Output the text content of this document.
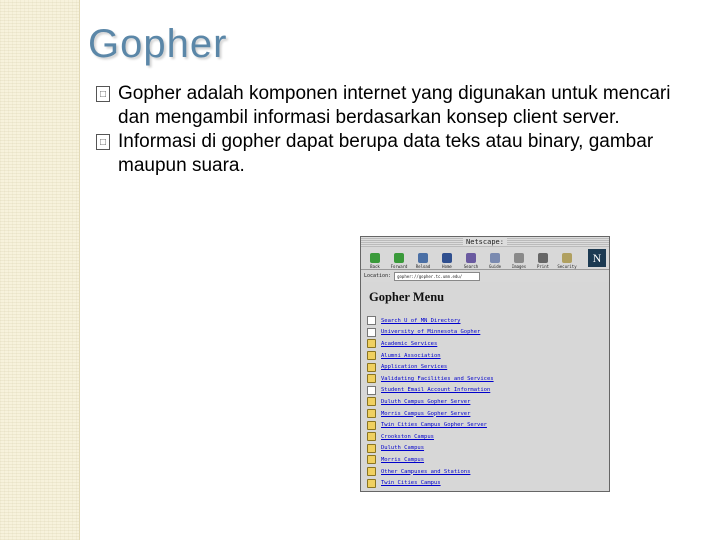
Gopher
□ Gopher adalah komponen internet yang digunakan untuk mencari dan mengambil informasi berdasarkan konsep client server.
□ Informasi di gopher dapat berupa data teks atau binary, gambar maupun suara.
Netscape:
Back	Forward	Reload	Home	Search	Guide	Images	Print	Security
N
Location:	gopher://gopher.tc.umn.edu/
Gopher Menu
Search U of MN Directory
University of Minnesota Gopher
Academic Services
Alumni Association
Application Services
Validating Facilities and Services
Student Email Account Information
Duluth Campus Gopher Server
Morris Campus Gopher Server
Twin Cities Campus Gopher Server
Crookston Campus
Duluth Campus
Morris Campus
Other Campuses and Stations
Twin Cities Campus
